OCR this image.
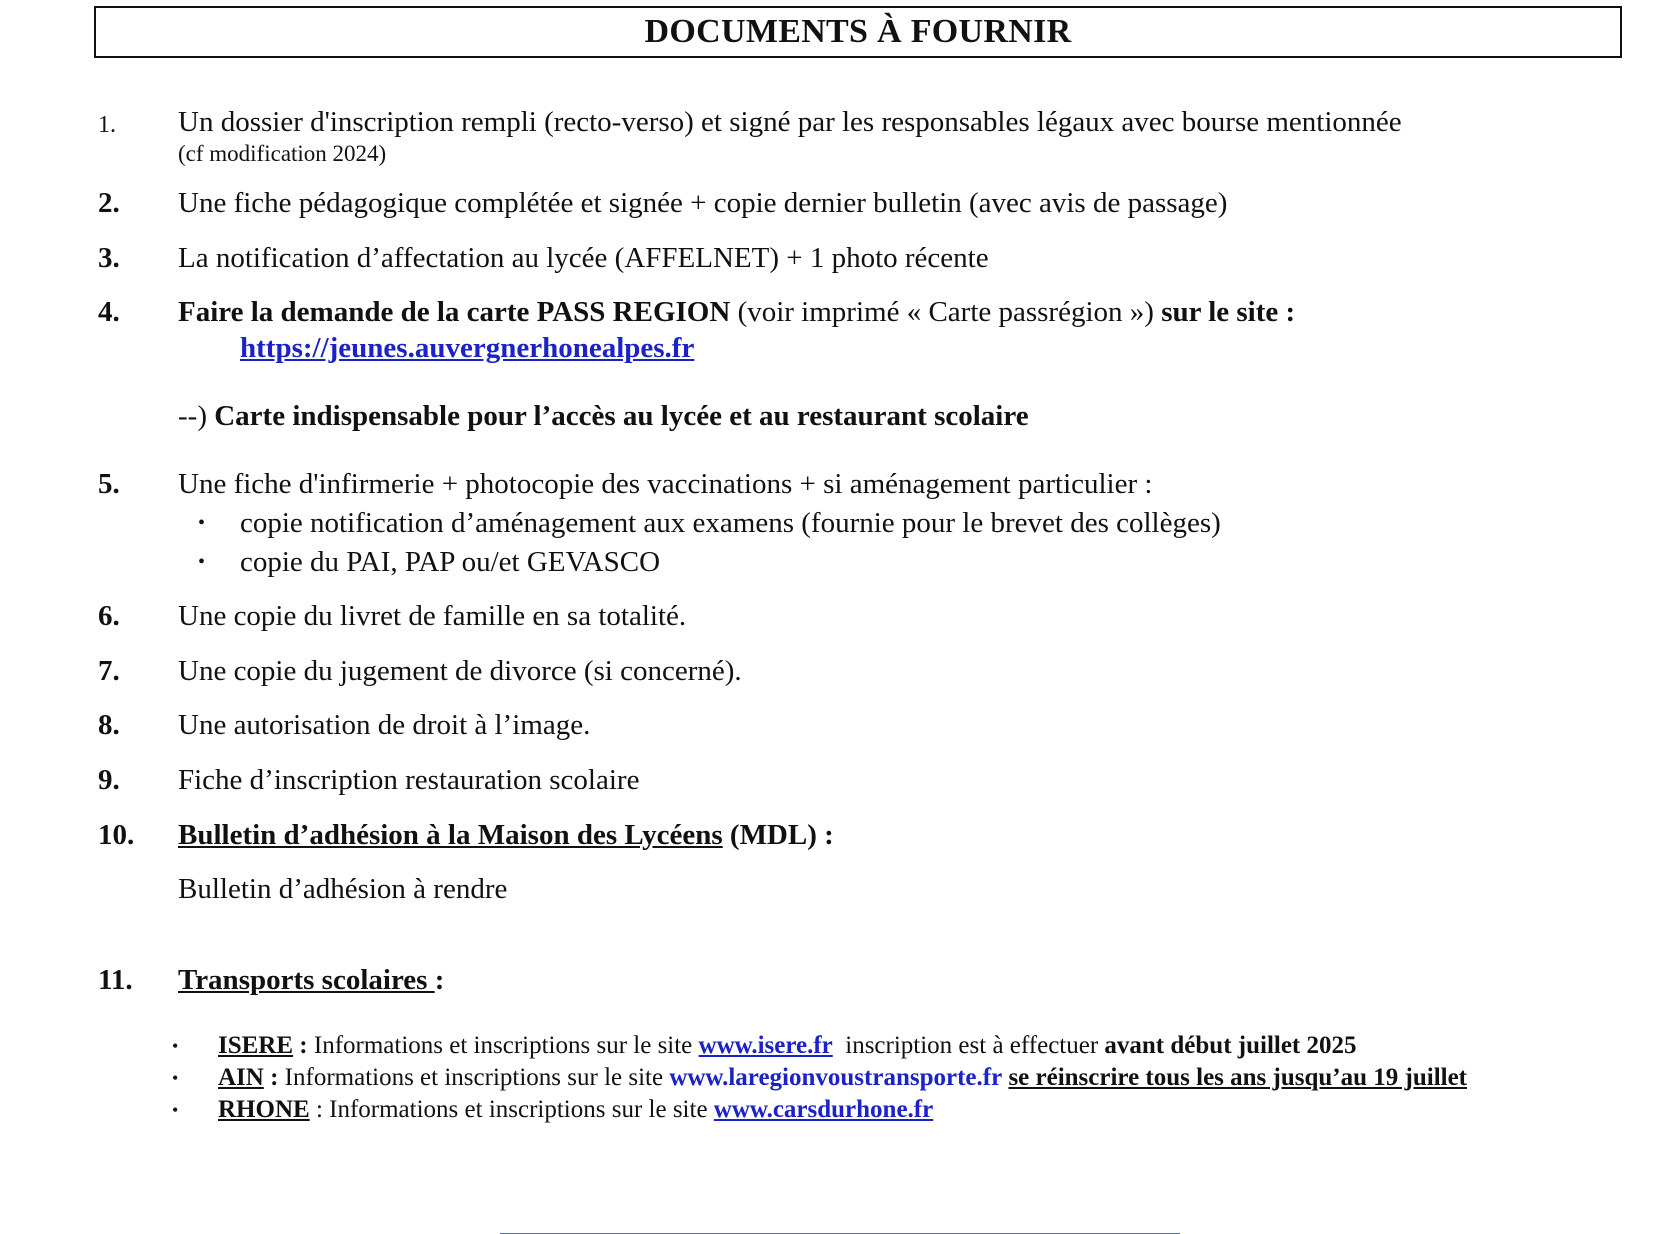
DOCUMENTS À FOURNIR
1.	Un dossier d'inscription rempli (recto-verso) et signé par les responsables légaux avec bourse mentionnée
(cf modification 2024)
2.	Une fiche pédagogique complétée et signée + copie dernier bulletin (avec avis de passage)
3.	La notification d’affectation au lycée (AFFELNET) + 1 photo récente
4.	Faire la demande de la carte PASS REGION (voir imprimé « Carte passrégion ») sur le site :
https://jeunes.auvergnerhonealpes.fr
--) Carte indispensable pour l’accès au lycée et au restaurant scolaire
5.	Une fiche d'infirmerie + photocopie des vaccinations + si aménagement particulier :
• copie notification d’aménagement aux examens (fournie pour le brevet des collèges)
• copie du PAI, PAP ou/et GEVASCO
6.	Une copie du livret de famille en sa totalité.
7.	Une copie du jugement de divorce (si concerné).
8.	Une autorisation de droit à l’image.
9.	Fiche d’inscription restauration scolaire
10.	Bulletin d’adhésion à la Maison des Lycéens (MDL) :
Bulletin d’adhésion à rendre
11.	Transports scolaires :
• ISERE : Informations et inscriptions sur le site www.isere.fr  inscription est à effectuer avant début juillet 2025
• AIN : Informations et inscriptions sur le site www.laregionvoustransporte.fr se réinscrire tous les ans jusqu’au 19 juillet
• RHONE : Informations et inscriptions sur le site www.carsdurhone.fr
